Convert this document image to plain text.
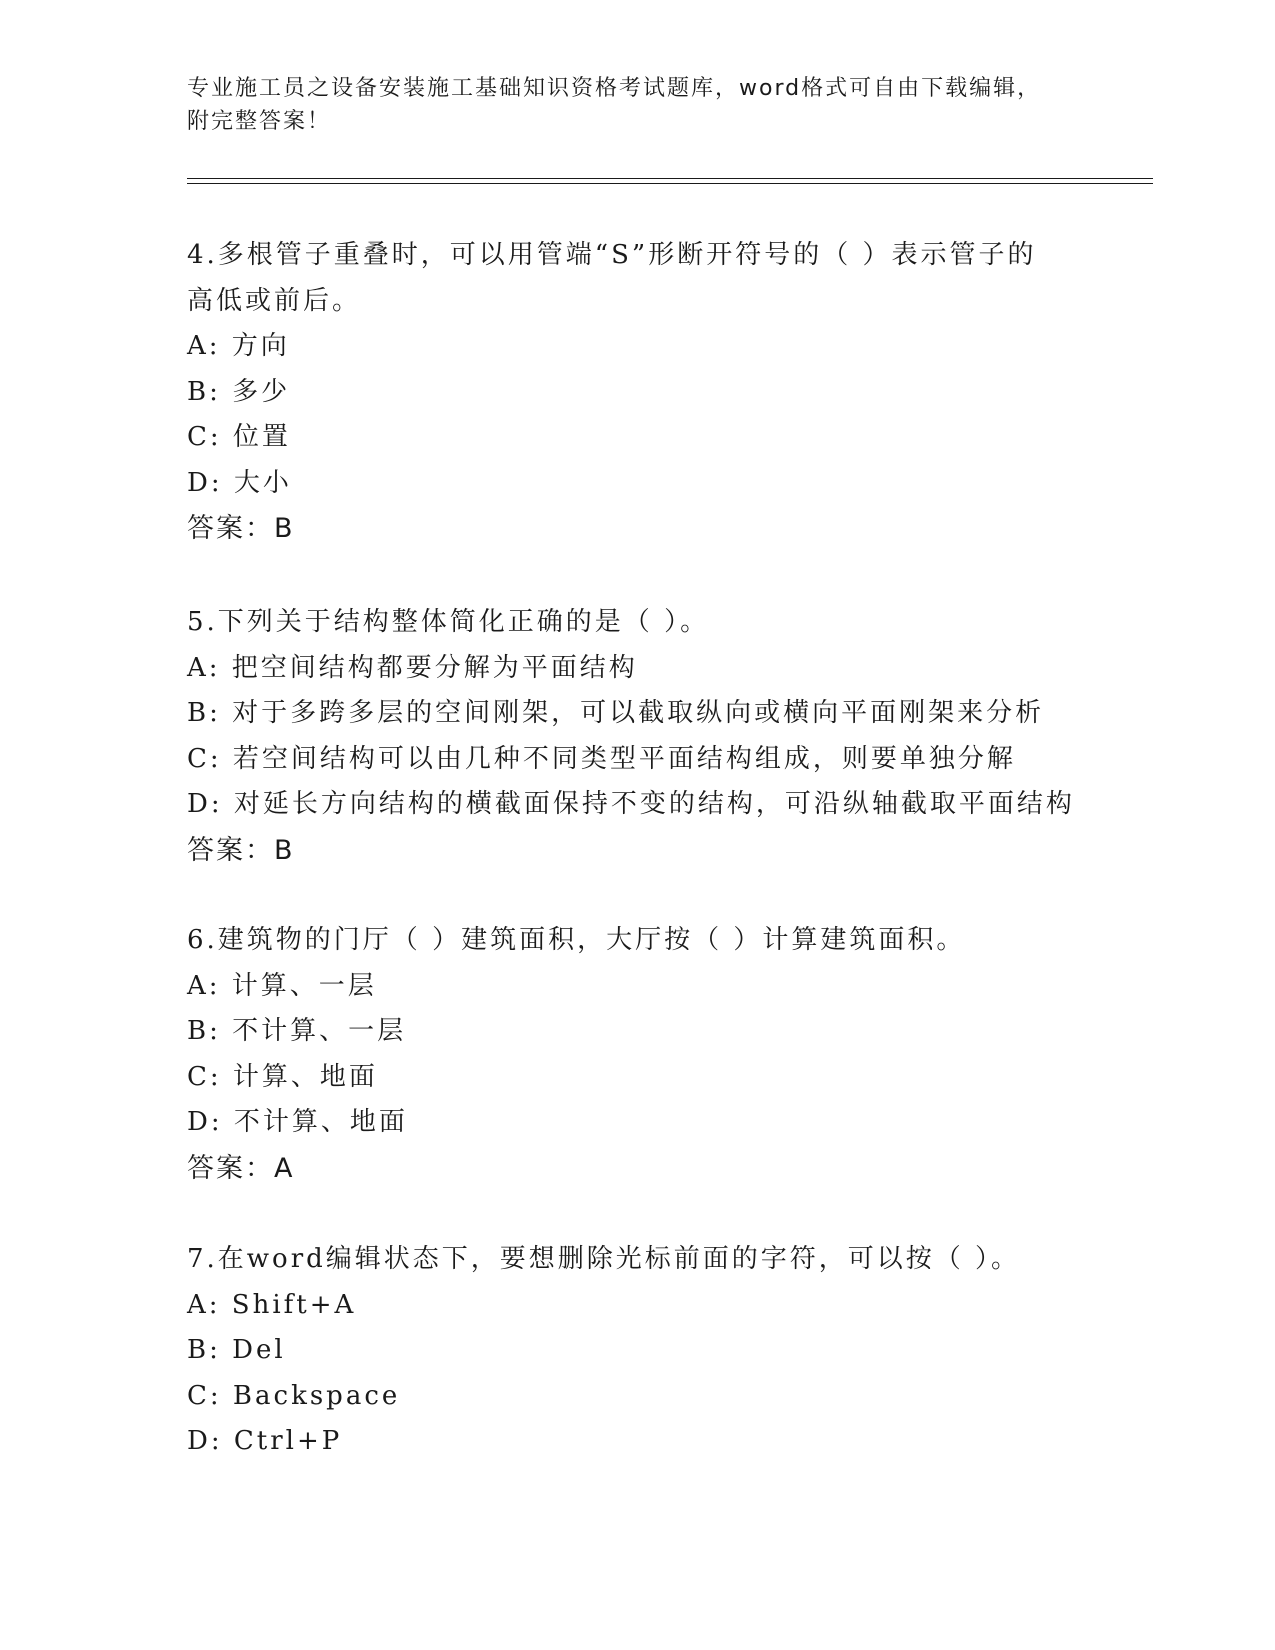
专业施工员之设备安装施工基础知识资格考试题库，word格式可自由下载编辑，
附完整答案！
4.多根管子重叠时，可以用管端“S”形断开符号的（ ）表示管子的
高低或前后。
A: 方向
B: 多少
C: 位置
D: 大小
答案：B
5.下列关于结构整体简化正确的是（ ）。
A: 把空间结构都要分解为平面结构
B: 对于多跨多层的空间刚架，可以截取纵向或横向平面刚架来分析
C: 若空间结构可以由几种不同类型平面结构组成，则要单独分解
D: 对延长方向结构的横截面保持不变的结构，可沿纵轴截取平面结构
答案：B
6.建筑物的门厅（ ）建筑面积，大厅按（ ）计算建筑面积。
A: 计算、一层
B: 不计算、一层
C: 计算、地面
D: 不计算、地面
答案：A
7.在word编辑状态下，要想删除光标前面的字符，可以按（ ）。
A: Shift+A
B: Del
C: Backspace
D: Ctrl+P
